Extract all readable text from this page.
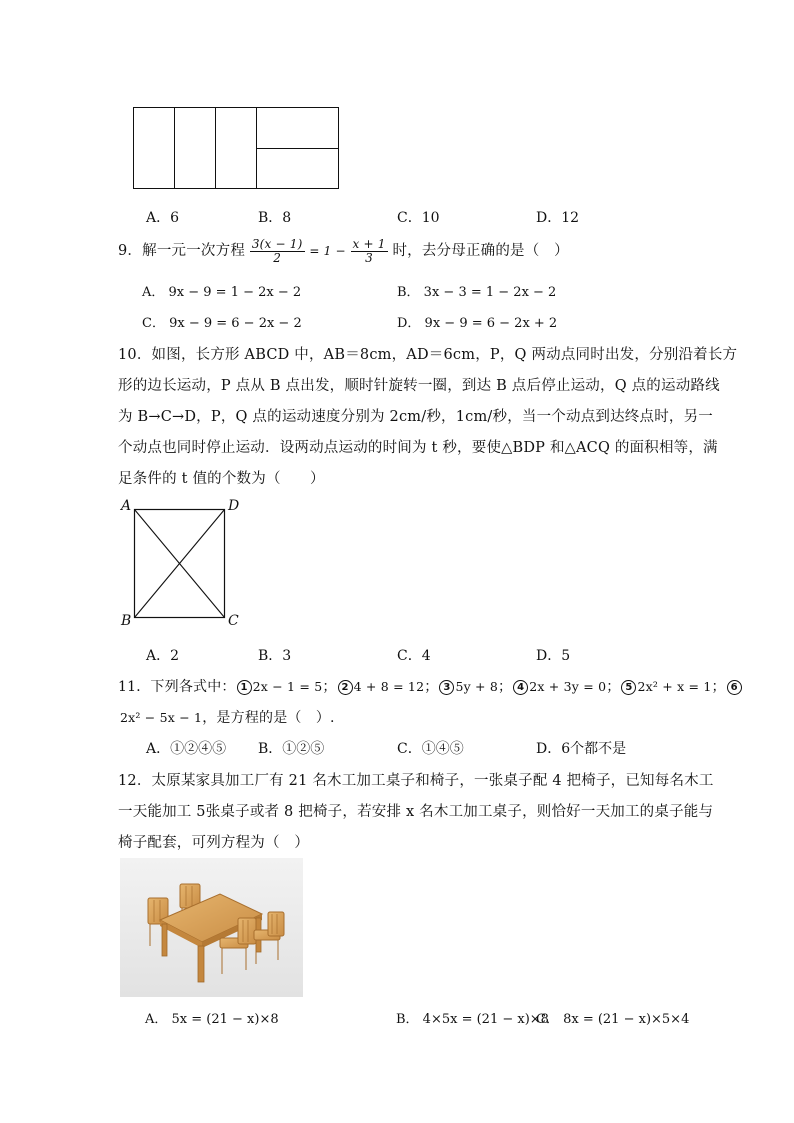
A．6	B．8	C．10	D．12
9．解一元一次方程 $\frac{3(x - 1)}{2} = 1 - \frac{x + 1}{3}$ 时，去分母正确的是（　）
A． 9x − 9 = 1 − 2x − 2	B． 3x − 3 = 1 − 2x − 2
C． 9x − 9 = 6 − 2x − 2	D． 9x − 9 = 6 − 2x + 2
10．如图，长方形 ABCD 中，AB＝8cm，AD＝6cm，P，Q 两动点同时出发，分别沿着长方
形的边长运动，P 点从 B 点出发，顺时针旋转一圈，到达 B 点后停止运动，Q 点的运动路线
为 B→C→D，P，Q 点的运动速度分别为 2cm/秒，1cm/秒，当一个动点到达终点时，另一
个动点也同时停止运动．设两动点运动的时间为 t 秒，要使△BDP 和△ACQ 的面积相等，满
足条件的 t 值的个数为（　　）
A	D
B	C
A．2	B．3	C．4	D．5
11．下列各式中： 1 2x − 1 = 5； 2 4 + 8 = 12； 3 5y + 8； 4 2x + 3y = 0； 5 2x² + x = 1； 6
2x² − 5x − 1，是方程的是（　）.
A．①②④⑤ B．①②⑤	C．①④⑤	D．6个都不是
12．太原某家具加工厂有 21 名木工加工桌子和椅子，一张桌子配 4 把椅子，已知每名木工
一天能加工 5张桌子或者 8 把椅子，若安排 x 名木工加工桌子，则恰好一天加工的桌子能与
椅子配套，可列方程为（　）
A． 5x = (21 − x)×8	B． 4×5x = (21 − x)×8
C． 8x = (21 − x)×5×4
